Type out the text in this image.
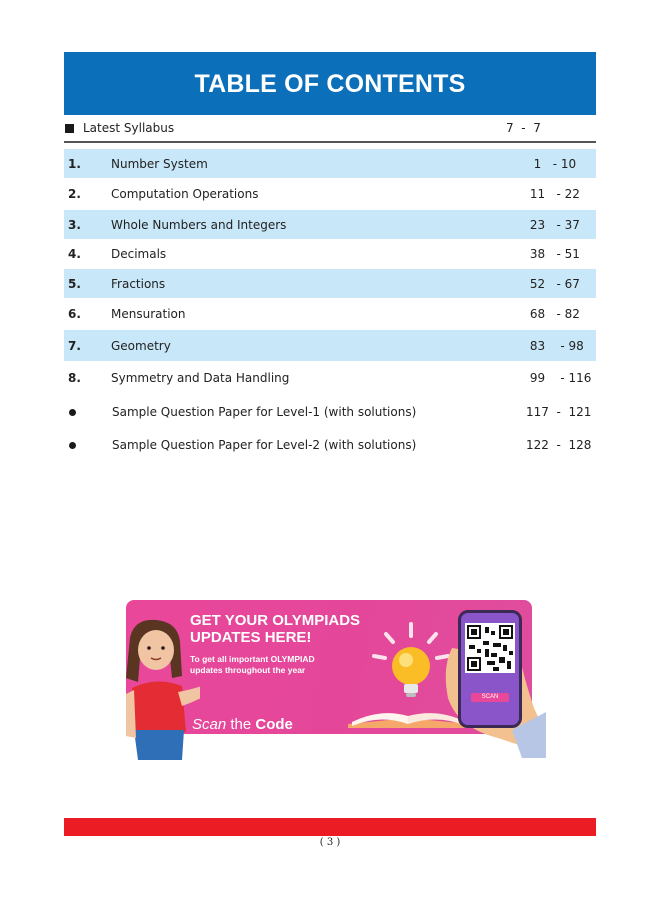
TABLE OF CONTENTS
Latest Syllabus	7  -  7
1.	Number System	1   - 10
2.	Computation Operations	11   - 22
3.	Whole Numbers and Integers	23   - 37
4.	Decimals	38   - 51
5.	Fractions	52   - 67
6.	Mensuration	68   - 82
7.	Geometry	83    - 98
8.	Symmetry and Data Handling	99    - 116
Sample Question Paper for Level-1 (with solutions)	117  -  121
Sample Question Paper for Level-2 (with solutions)	122  -  128
GET YOUR OLYMPIADS
UPDATES HERE!
To get all important OLYMPIAD
updates throughout the year
Scan the Code
SCAN
( 3 )
